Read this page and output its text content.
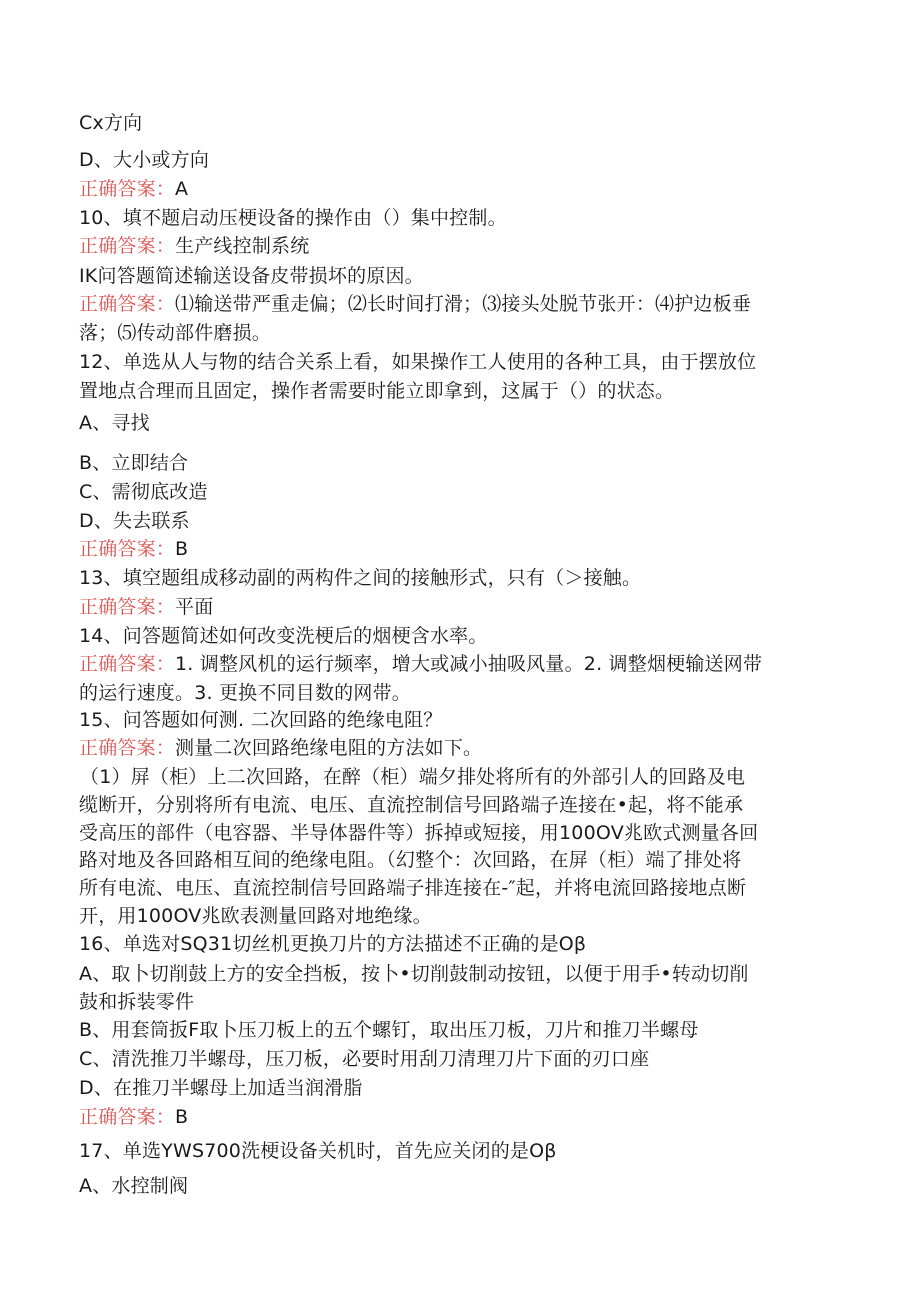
Cx方向
D、大小或方向
正确答案：A
10、填不题启动压梗设备的操作由（）集中控制。
正确答案：生产线控制系统
IK问答题简述输送设备皮带损坏的原因。
正确答案：⑴输送带严重走偏；⑵长时间打滑；⑶接头处脱节张开：⑷护边板垂
落；⑸传动部件磨损。
12、单选从人与物的结合关系上看，如果操作工人使用的各种工具，由于摆放位
置地点合理而且固定，操作者需要时能立即拿到，这属于（）的状态。
A、寻找
B、立即结合
C、需彻底改造
D、失去联系
正确答案：B
13、填空题组成移动副的两构件之间的接触形式，只有（＞接触。
正确答案：平面
14、问答题简述如何改变洗梗后的烟梗含水率。
正确答案：1. 调整风机的运行频率，增大或减小抽吸风量。2. 调整烟梗输送网带
的运行速度。3. 更换不同目数的网带。
15、问答题如何测. 二次回路的绝缘电阻？
正确答案：测量二次回路绝缘电阻的方法如下。
（1）屏（柜）上二次回路，在醉（柜）端夕排处将所有的外部引人的回路及电
缆断开，分别将所有电流、电压、直流控制信号回路端子连接在•起，将不能承
受高压的部件（电容器、半导体器件等）拆掉或短接，用100OV兆欧式测量各回
路对地及各回路相互间的绝缘电阻。（幻整个：次回路，在屏（柜）端了排处将
所有电流、电压、直流控制信号回路端子排连接在-″起，并将电流回路接地点断
开，用100OV兆欧表测量回路对地绝缘。
16、单选对SQ31切丝机更换刀片的方法描述不正确的是Oβ
A、取卜切削鼓上方的安全挡板，按卜•切削鼓制动按钮，以便于用手•转动切削
鼓和拆装零件
B、用套筒扳F取卜压刀板上的五个螺钉，取出压刀板，刀片和推刀半螺母
C、清洗推刀半螺母，压刀板，必要时用刮刀清理刀片下面的刃口座
D、在推刀半螺母上加适当润滑脂
正确答案：B
17、单选YWS700洗梗设备关机时，首先应关闭的是Oβ
A、水控制阀
